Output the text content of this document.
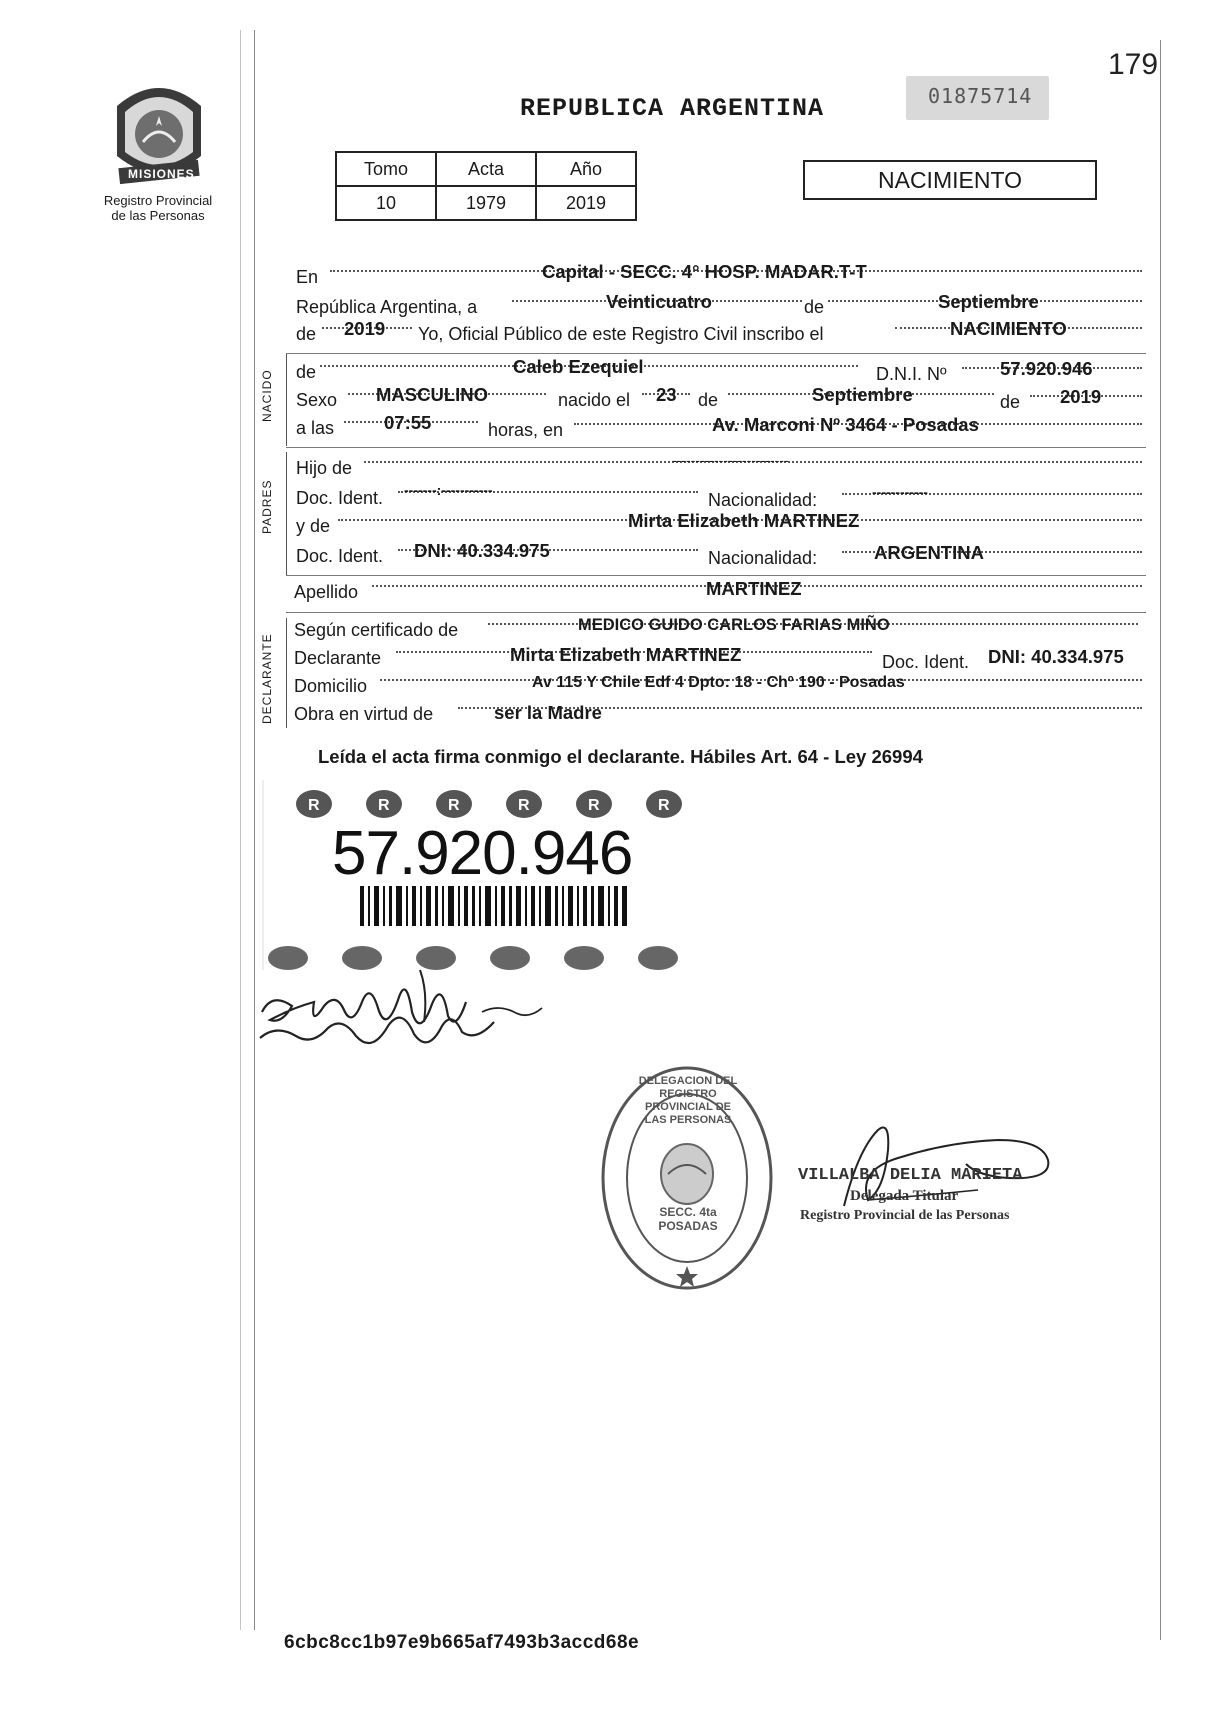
179
01875714
REPUBLICA ARGENTINA
PROVINCIA DE
MISIONES
Registro Provincial
de las Personas
Tomo	Acta	Año
10	1979	2019
NACIMIENTO
En	Capital - SECC. 4° HOSP. MADAR.T-T
República Argentina, a	Veinticuatro	de	Septiembre
de 2019 Yo, Oficial Público de este Registro Civil inscribo el	NACIMIENTO
NACIDO de	Caleb Ezequiel	D.N.I. Nº	57.920.946
Sexo MASCULINO	nacido el 23 de	Septiembre	de 2019
a las	07:55	horas, en	Av. Marconi Nº 3464 - Posadas
PADRES
Hijo de	-------------------------
Doc. Ident. -------:-----------	Nacionalidad:	------------
y de	Mirta Elizabeth MARTINEZ
Doc. Ident. DNI: 40.334.975	Nacionalidad:	ARGENTINA
Apellido	MARTINEZ
DECLARANTE
Según certificado de	MEDICO GUIDO CARLOS FARIAS MIÑO
Declarante	Mirta Elizabeth MARTINEZ	Doc. Ident. DNI: 40.334.975
Domicilio	Av 115 Y Chile Edf 4 Dpto: 18 - Chº 190 - Posadas
Obra en virtud de	ser la Madre
Leída el acta firma conmigo el declarante. Hábiles Art. 64 - Ley 26994
R	R	R	R	R	R
57.920.946
DELEGACION DEL REGISTRO PROVINCIAL DE LAS PERSONAS
SECC. 4ta POSADAS
VILLALBA DELIA MARIETA
Delegada Titular
Registro Provincial de las Personas
6cbc8cc1b97e9b665af7493b3accd68e
